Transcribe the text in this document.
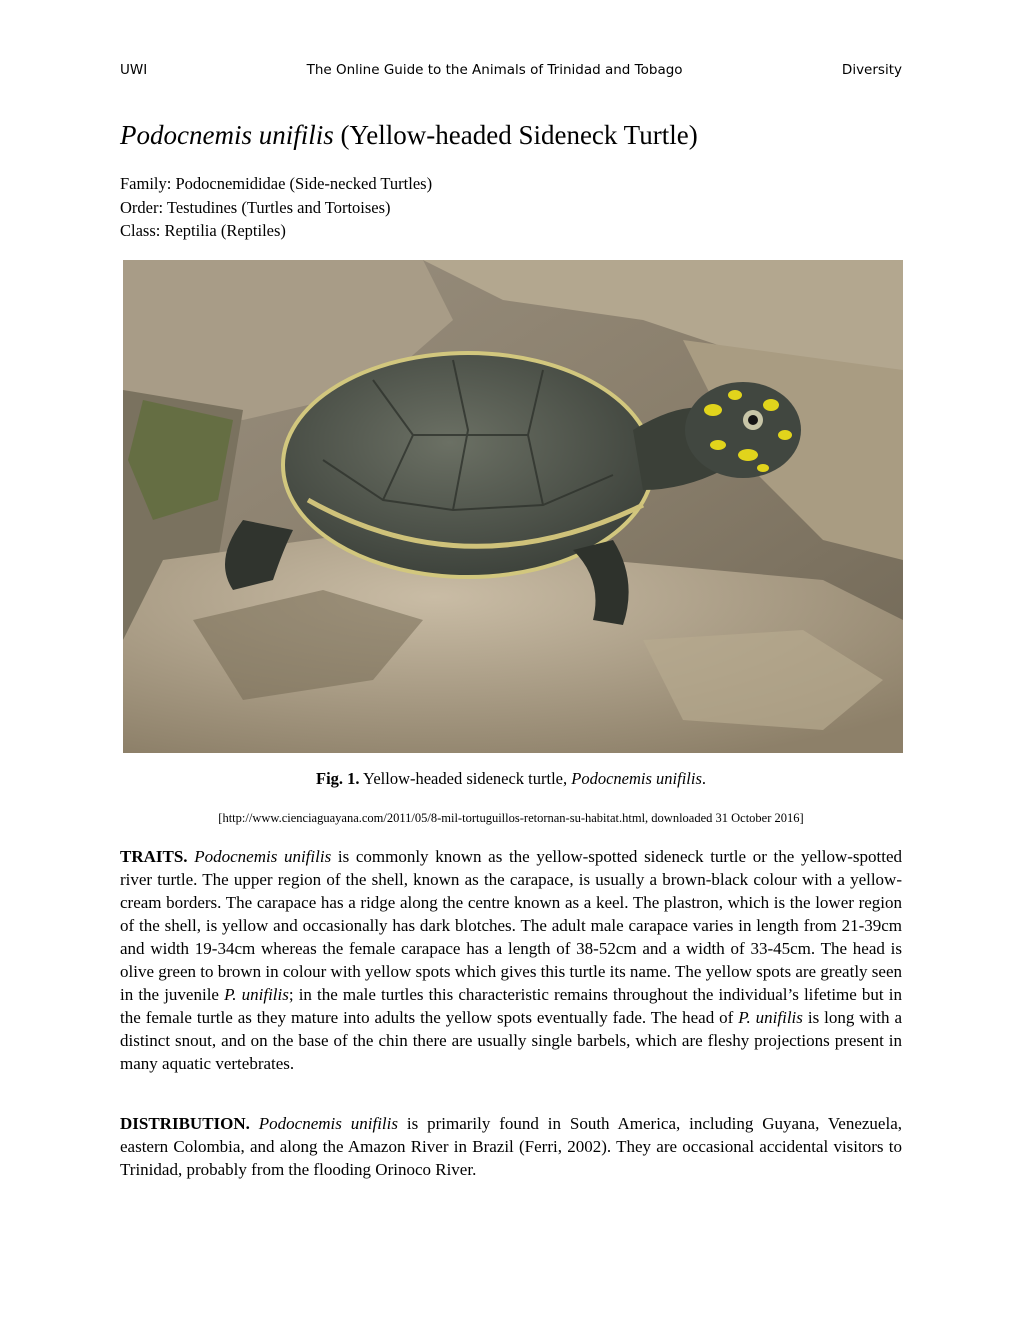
UWI	The Online Guide to the Animals of Trinidad and Tobago	Diversity
Podocnemis unifilis (Yellow-headed Sideneck Turtle)
Family: Podocnemididae (Side-necked Turtles)
Order: Testudines (Turtles and Tortoises)
Class: Reptilia (Reptiles)
Fig. 1. Yellow-headed sideneck turtle, Podocnemis unifilis.
[http://www.cienciaguayana.com/2011/05/8-mil-tortuguillos-retornan-su-habitat.html, downloaded 31 October 2016]

TRAITS. Podocnemis unifilis is commonly known as the yellow-spotted sideneck turtle or the yellow-spotted river turtle. The upper region of the shell, known as the carapace, is usually a brown-black colour with a yellow-cream borders. The carapace has a ridge along the centre known as a keel. The plastron, which is the lower region of the shell, is yellow and occasionally has dark blotches. The adult male carapace varies in length from 21-39cm and width 19-34cm whereas the female carapace has a length of 38-52cm and a width of 33-45cm. The head is olive green to brown in colour with yellow spots which gives this turtle its name. The yellow spots are greatly seen in the juvenile P. unifilis; in the male turtles this characteristic remains throughout the individual’s lifetime but in the female turtle as they mature into adults the yellow spots eventually fade. The head of P. unifilis is long with a distinct snout, and on the base of the chin there are usually single barbels, which are fleshy projections present in many aquatic vertebrates.

DISTRIBUTION. Podocnemis unifilis is primarily found in South America, including Guyana, Venezuela, eastern Colombia, and along the Amazon River in Brazil (Ferri, 2002). They are occasional accidental visitors to Trinidad, probably from the flooding Orinoco River.
